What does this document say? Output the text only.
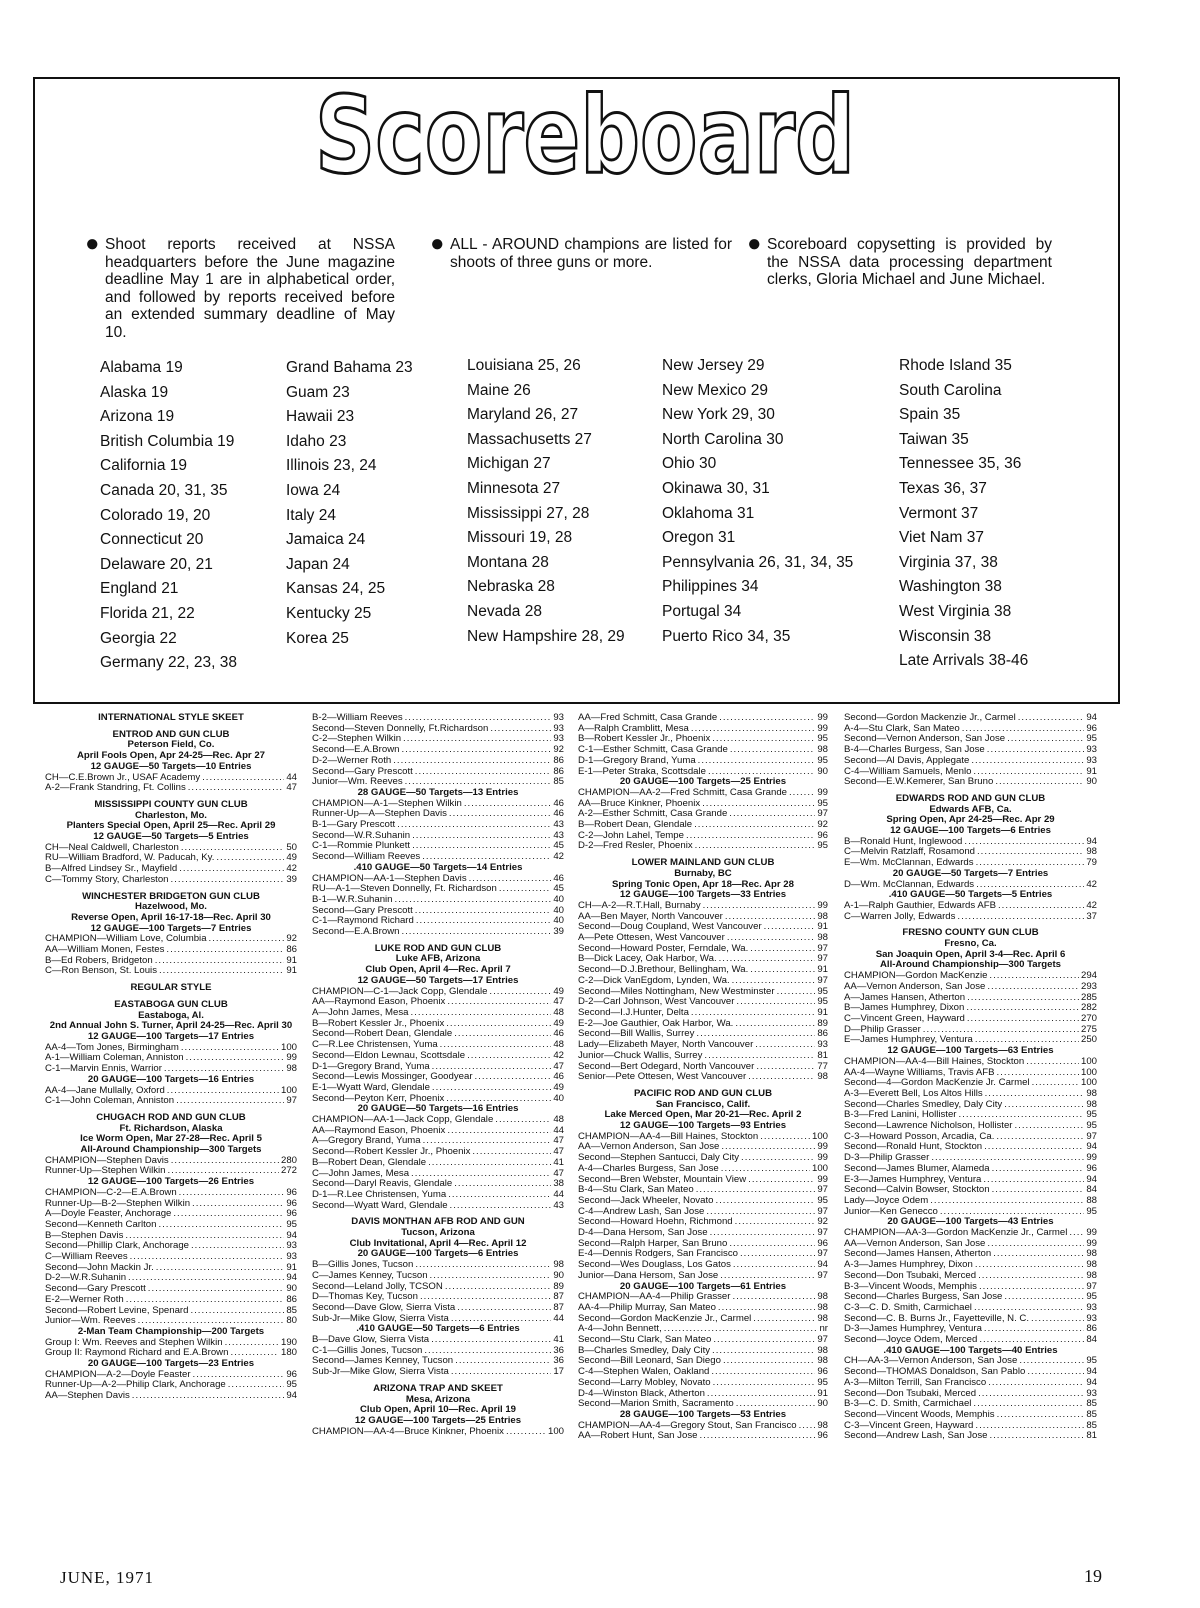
Scoreboard
● Shoot reports received at NSSA headquarters before the June magazine deadline May 1 are in alphabetical order, and followed by reports received before an extended summary deadline of May 10.
● ALL - AROUND champions are listed for shoots of three guns or more.
● Scoreboard copysetting is provided by the NSSA data processing department clerks, Gloria Michael and June Michael.
Alabama 19
Alaska 19
Arizona 19
British Columbia 19
California 19
Canada 20, 31, 35
Colorado 19, 20
Connecticut 20
Delaware 20, 21
England 21
Florida 21, 22
Georgia 22
Germany 22, 23, 38
Grand Bahama 23
Guam 23
Hawaii 23
Idaho 23
Illinois 23, 24
Iowa 24
Italy 24
Jamaica 24
Japan 24
Kansas 24, 25
Kentucky 25
Korea 25
Louisiana 25, 26
Maine 26
Maryland 26, 27
Massachusetts 27
Michigan 27
Minnesota 27
Mississippi 27, 28
Missouri 19, 28
Montana 28
Nebraska 28
Nevada 28
New Hampshire 28, 29
New Jersey 29
New Mexico 29
New York 29, 30
North Carolina 30
Ohio 30
Okinawa 30, 31
Oklahoma 31
Oregon 31
Pennsylvania 26, 31, 34, 35
Philippines 34
Portugal 34
Puerto Rico 34, 35
Rhode Island 35
South Carolina
Spain 35
Taiwan 35
Tennessee 35, 36
Texas 36, 37
Vermont 37
Viet Nam 37
Virginia 37, 38
Washington 38
West Virginia 38
Wisconsin 38
Late Arrivals 38-46
INTERNATIONAL STYLE SKEET
ENTROD AND GUN CLUB
Peterson Field, Co.
April Fools Open, Apr 24-25—Rec. Apr 27
12 GAUGE—50 Targets—10 Entries
CH—C.E.Brown Jr., USAF Academy .....	44
A-2—Frank Standring, Ft. Collins .....	47
MISSISSIPPI COUNTY GUN CLUB
Charleston, Mo.
Planters Special Open, April 25—Rec. April 29
12 GAUGE—50 Targets—5 Entries
CH—Neal Caldwell, Charleston .....	50
RU—William Bradford, W. Paducah, Ky. .....	49
B—Alfred Lindsey Sr., Mayfield .....	42
C—Tommy Story, Charleston .....	39
WINCHESTER BRIDGETON GUN CLUB
Hazelwood, Mo.
Reverse Open, April 16-17-18—Rec. April 30
12 GAUGE—100 Targets—7 Entries
CHAMPION—William Love, Columbia .....	92
AA—William Monen, Festes .....	86
B—Ed Robers, Bridgeton .....	91
C—Ron Benson, St. Louis .....	91
REGULAR STYLE
EASTABOGA GUN CLUB
Eastaboga, Al.
2nd Annual John S. Turner, April 24-25—Rec. April 30
12 GAUGE—100 Targets—17 Entries
AA-4—Tom Jones, Birmingham .....	100
A-1—William Coleman, Anniston .....	99
C-1—Marvin Ennis, Warrior .....	98
20 GAUGE—100 Targets—16 Entries
AA-4—Jane Mullally, Oxford .....	100
C-1—John Coleman, Anniston .....	97
CHUGACH ROD AND GUN CLUB
Ft. Richardson, Alaska
Ice Worm Open, Mar 27-28—Rec. April 5
All-Around Championship—300 Targets
CHAMPION—Stephen Davis .....	280
Runner-Up—Stephen Wilkin .....	272
12 GAUGE—100 Targets—26 Entries
CHAMPION—C-2—E.A.Brown .....	96
Runner-Up—B-2—Stephen Wilkin .....	96
A—Doyle Feaster, Anchorage .....	96
Second—Kenneth Carlton .....	95
B—Stephen Davis .....	94
Second—Phillip Clark, Anchorage .....	93
C—William Reeves .....	93
Second—John Mackin Jr. .....	91
D-2—W.R.Suhanin .....	94
Second—Gary Prescott .....	90
E-2—Werner Roth .....	86
Second—Robert Levine, Spenard .....	85
Junior—Wm. Reeves .....	80
2-Man Team Championship—200 Targets
Group I: Wm. Reeves and Stephen Wilkin .....	190
Group II: Raymond Richard and E.A.Brown .....	180
20 GAUGE—100 Targets—23 Entries
CHAMPION—A-2—Doyle Feaster .....	96
Runner-Up—A-2—Philip Clark, Anchorage .....	95
AA—Stephen Davis .....	94
B-2—William Reeves .....	93
Second—Steven Donnelly, Ft.Richardson .....	93
C-2—Stephen Wilkin .....	93
Second—E.A.Brown .....	92
D-2—Werner Roth .....	86
Second—Gary Prescott .....	86
Junior—Wm. Reeves .....	85
28 GAUGE—50 Targets—13 Entries
CHAMPION—A-1—Stephen Wilkin .....	46
Runner-Up—A—Stephen Davis .....	46
B-1—Gary Prescott .....	43
Second—W.R.Suhanin .....	43
C-1—Rommie Plunkett .....	45
Second—William Reeves .....	42
.410 GAUGE—50 Targets—14 Entries
CHAMPION—AA-1—Stephen Davis .....	46
RU—A-1—Steven Donnelly, Ft. Richardson .....	45
B-1—W.R.Suhanin .....	40
Second—Gary Prescott .....	40
C-1—Raymond Richard .....	40
Second—E.A.Brown .....	39
LUKE ROD AND GUN CLUB
Luke AFB, Arizona
Club Open, April 4—Rec. April 7
12 GAUGE—50 Targets—17 Entries
CHAMPION—C-1—Jack Copp, Glendale .....	49
AA—Raymond Eason, Phoenix .....	47
A—John James, Mesa .....	48
B—Robert Kessler Jr., Phoenix .....	49
Second—Robert Dean, Glendale .....	46
C—R.Lee Christensen, Yuma .....	48
Second—Eldon Lewnau, Scottsdale .....	42
D-1—Gregory Brand, Yuma .....	47
Second—Lewis Mossinger, Goodyear .....	46
E-1—Wyatt Ward, Glendale .....	49
Second—Peyton Kerr, Phoenix .....	40
20 GAUGE—50 Targets—16 Entries
CHAMPION—AA-1—Jack Copp, Glendale .....	48
AA—Raymond Eason, Phoenix .....	44
A—Gregory Brand, Yuma .....	47
Second—Robert Kessler Jr., Phoenix .....	47
B—Robert Dean, Glendale .....	41
C—John James, Mesa .....	47
Second—Daryl Reavis, Glendale .....	38
D-1—R.Lee Christensen, Yuma .....	44
Second—Wyatt Ward, Glendale .....	43
DAVIS MONTHAN AFB ROD AND GUN
Tucson, Arizona
Club Invitational, April 4—Rec. April 12
20 GAUGE—100 Targets—6 Entries
B—Gillis Jones, Tucson .....	98
C—James Kenney, Tucson .....	90
Second—Leland Jolly, TCSON .....	89
D—Thomas Key, Tucson .....	87
Second—Dave Glow, Sierra Vista .....	87
Sub-Jr—Mike Glow, Sierra Vista .....	44
.410 GAUGE—50 Targets—6 Entries
B—Dave Glow, Sierra Vista .....	41
C-1—Gillis Jones, Tucson .....	36
Second—James Kenney, Tucson .....	36
Sub-Jr—Mike Glow, Sierra Vista .....	17
ARIZONA TRAP AND SKEET
Mesa, Arizona
Club Open, April 10—Rec. April 19
12 GAUGE—100 Targets—25 Entries
CHAMPION—AA-4—Bruce Kinkner, Phoenix .....	100
AA—Fred Schmitt, Casa Grande .....	99
A—Ralph Cramblitt, Mesa .....	99
B—Robert Kessler Jr., Phoenix .....	95
C-1—Esther Schmitt, Casa Grande .....	98
D-1—Gregory Brand, Yuma .....	95
E-1—Peter Straka, Scottsdale .....	90
20 GAUGE—100 Targets—25 Entries
CHAMPION—AA-2—Fred Schmitt, Casa Grande .....	99
AA—Bruce Kinkner, Phoenix .....	95
A-2—Esther Schmitt, Casa Grande .....	97
B—Robert Dean, Glendale .....	92
C-2—John Lahel, Tempe .....	96
D-2—Fred Resler, Phoenix .....	95
LOWER MAINLAND GUN CLUB
Burnaby, BC
Spring Tonic Open, Apr 18—Rec. Apr 28
12 GAUGE—100 Targets—33 Entries
CH—A-2—R.T.Hall, Burnaby .....	99
AA—Ben Mayer, North Vancouver .....	98
Second—Doug Coupland, West Vancouver .....	91
A—Pete Ottesen, West Vancouver .....	98
Second—Howard Poster, Ferndale, Wa. .....	97
B—Dick Lacey, Oak Harbor, Wa. .....	97
Second—D.J.Brethour, Bellingham, Wa. .....	91
C-2—Dick VanEgdom, Lynden, Wa. .....	97
Second—Miles Nottingham, New Westminster .....	95
D-2—Carl Johnson, West Vancouver .....	95
Second—I.J.Hunter, Delta .....	91
E-2—Joe Gauthier, Oak Harbor, Wa. .....	89
Second—Bill Wallis, Surrey .....	86
Lady—Elizabeth Mayer, North Vancouver .....	93
Junior—Chuck Wallis, Surrey .....	81
Second—Bert Odegard, North Vancouver .....	77
Senior—Pete Ottesen, West Vancouver .....	98
PACIFIC ROD AND GUN CLUB
San Francisco, Calif.
Lake Merced Open, Mar 20-21—Rec. April 2
12 GAUGE—100 Targets—93 Entries
CHAMPION—AA-4—Bill Haines, Stockton .....	100
AA—Vernon Anderson, San Jose .....	99
Second—Stephen Santucci, Daly City .....	99
A-4—Charles Burgess, San Jose .....	100
Second—Bren Webster, Mountain View .....	99
B-4—Stu Clark, San Mateo .....	97
Second—Jack Wheeler, Novato .....	95
C-4—Andrew Lash, San Jose .....	97
Second—Howard Hoehn, Richmond .....	92
D-4—Dana Hersom, San Jose .....	97
Second—Ralph Harper, San Bruno .....	96
E-4—Dennis Rodgers, San Francisco .....	97
Second—Wes Douglass, Los Gatos .....	94
Junior—Dana Hersom, San Jose .....	97
20 GAUGE—100 Targets—61 Entries
CHAMPION—AA-4—Philip Grasser .....	98
AA-4—Philip Murray, San Mateo .....	98
Second—Gordon MacKenzie Jr., Carmel .....	98
A-4—John Bennett, .....	nr
Second—Stu Clark, San Mateo .....	97
B—Charles Smedley, Daly City .....	98
Second—Bill Leonard, San Diego .....	98
C-4—Stephen Walen, Oakland .....	96
Second—Larry Mobley, Novato .....	95
D-4—Winston Black, Atherton .....	91
Second—Marion Smith, Sacramento .....	90
28 GAUGE—100 Targets—53 Entries
CHAMPION—AA-4—Gregory Stout, San Francisco ..... 98
AA—Robert Hunt, San Jose .....	96
Second—Gordon Mackenzie Jr., Carmel .....	94
A-4—Stu Clark, San Mateo .....	96
Second—Vernon Anderson, San Jose .....	95
B-4—Charles Burgess, San Jose .....	93
Second—Al Davis, Applegate .....	93
C-4—William Samuels, Menlo .....	91
Second—E.W.Kemerer, San Bruno .....	90
EDWARDS ROD AND GUN CLUB
Edwards AFB, Ca.
Spring Open, Apr 24-25—Rec. Apr 29
12 GAUGE—100 Targets—6 Entries
B—Ronald Hunt, Inglewood .....	94
C—Melvin Ratzlaff, Rosamond .....	98
E—Wm. McClannan, Edwards .....	79
20 GAUGE—50 Targets—7 Entries
D—Wm. McClannan, Edwards .....	42
.410 GAUGE—50 Targets—5 Entries
A-1—Ralph Gauthier, Edwards AFB .....	42
C—Warren Jolly, Edwards .....	37
FRESNO COUNTY GUN CLUB
Fresno, Ca.
San Joaquin Open, April 3-4—Rec. April 6
All-Around Championship—300 Targets
CHAMPION—Gordon MacKenzie .....	294
AA—Vernon Anderson, San Jose .....	293
A—James Hansen, Atherton .....	285
B—James Humphrey, Dixon .....	282
C—Vincent Green, Hayward .....	270
D—Philip Grasser .....	275
E—James Humphrey, Ventura .....	250
12 GAUGE—100 Targets—63 Entries
CHAMPION—AA-4—Bill Haines, Stockton .....	100
AA-4—Wayne Williams, Travis AFB .....	100
Second—4—Gordon MacKenzie Jr. Carmel .....	100
A-3—Everett Bell, Los Altos Hills .....	98
Second—Charles Smedley, Daly City .....	98
B-3—Fred Lanini, Hollister .....	95
Second—Lawrence Nicholson, Hollister .....	95
C-3—Howard Posson, Arcadia, Ca. .....	97
Second—Ronald Hunt, Stockton .....	94
D-3—Philip Grasser .....	99
Second—James Blumer, Alameda .....	96
E-3—James Humphrey, Ventura .....	94
Second—Calvin Bowser, Stockton .....	84
Lady—Joyce Odem .....	88
Junior—Ken Genecco .....	95
20 GAUGE—100 Targets—43 Entries
CHAMPION—AA-3—Gordon MacKenzie Jr., Carmel ..... 99
AA—Vernon Anderson, San Jose .....	99
Second—James Hansen, Atherton .....	98
A-3—James Humphrey, Dixon .....	98
Second—Don Tsubaki, Merced .....	98
B-3—Vincent Woods, Memphis .....	97
Second—Charles Burgess, San Jose .....	95
C-3—C. D. Smith, Carmichael .....	93
Second—C. B. Burns Jr., Fayetteville, N. C. .....	93
D-3—James Humphrey, Ventura .....	86
Second—Joyce Odem, Merced .....	84
.410 GAUGE—100 Targets—40 Entries
CH—AA-3—Vernon Anderson, San Jose .....	95
Second—THOMAS Donaldson, San Pablo .....	94
A-3—Milton Terrill, San Francisco .....	94
Second—Don Tsubaki, Merced .....	93
B-3—C. D. Smith, Carmichael .....	85
Second—Vincent Woods, Memphis .....	85
C-3—Vincent Green, Hayward .....	85
Second—Andrew Lash, San Jose .....	81
JUNE, 1971	19
